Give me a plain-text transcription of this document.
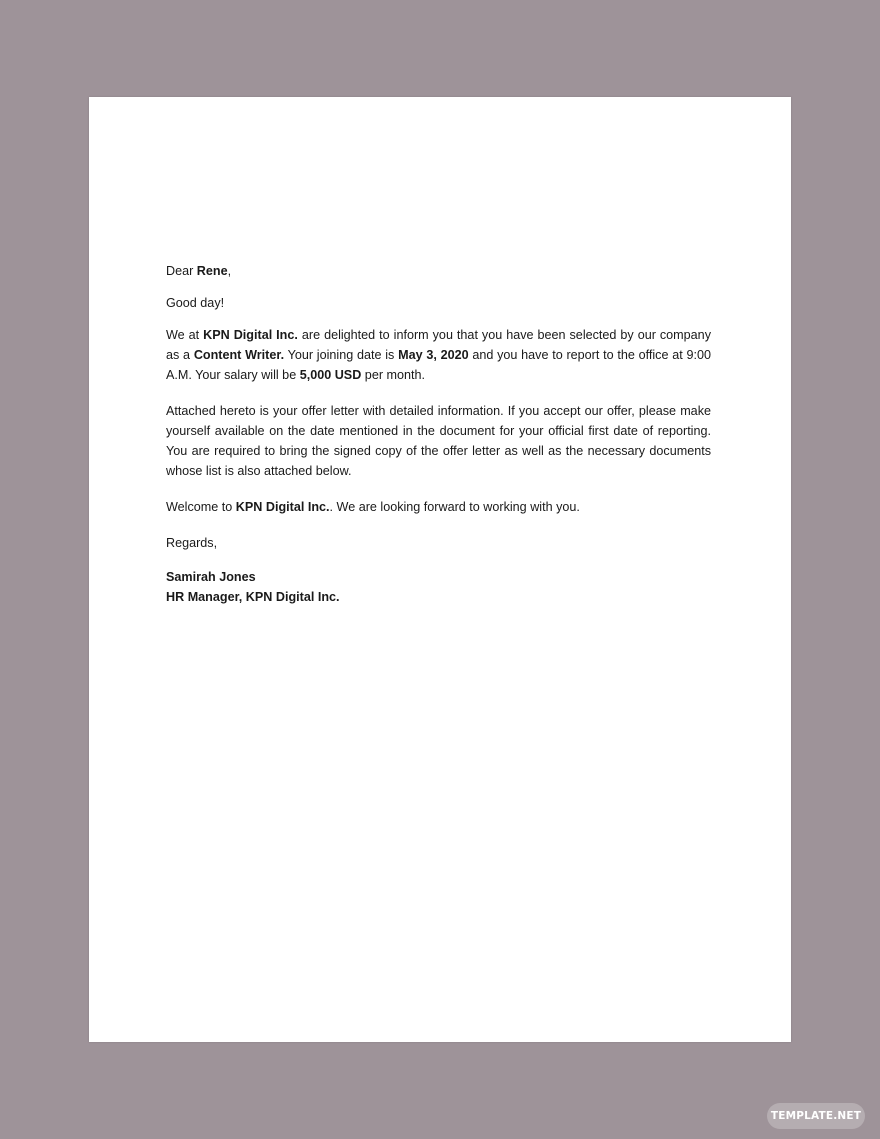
Dear Rene,

Good day!

We at KPN Digital Inc. are delighted to inform you that you have been selected by our company as a Content Writer. Your joining date is May 3, 2020 and you have to report to the office at 9:00 A.M. Your salary will be 5,000 USD per month.

Attached hereto is your offer letter with detailed information. If you accept our offer, please make yourself available on the date mentioned in the document for your official first date of reporting. You are required to bring the signed copy of the offer letter as well as the necessary documents whose list is also attached below.

Welcome to KPN Digital Inc.. We are looking forward to working with you.

Regards,

Samirah Jones
HR Manager, KPN Digital Inc.
TEMPLATE.NET
